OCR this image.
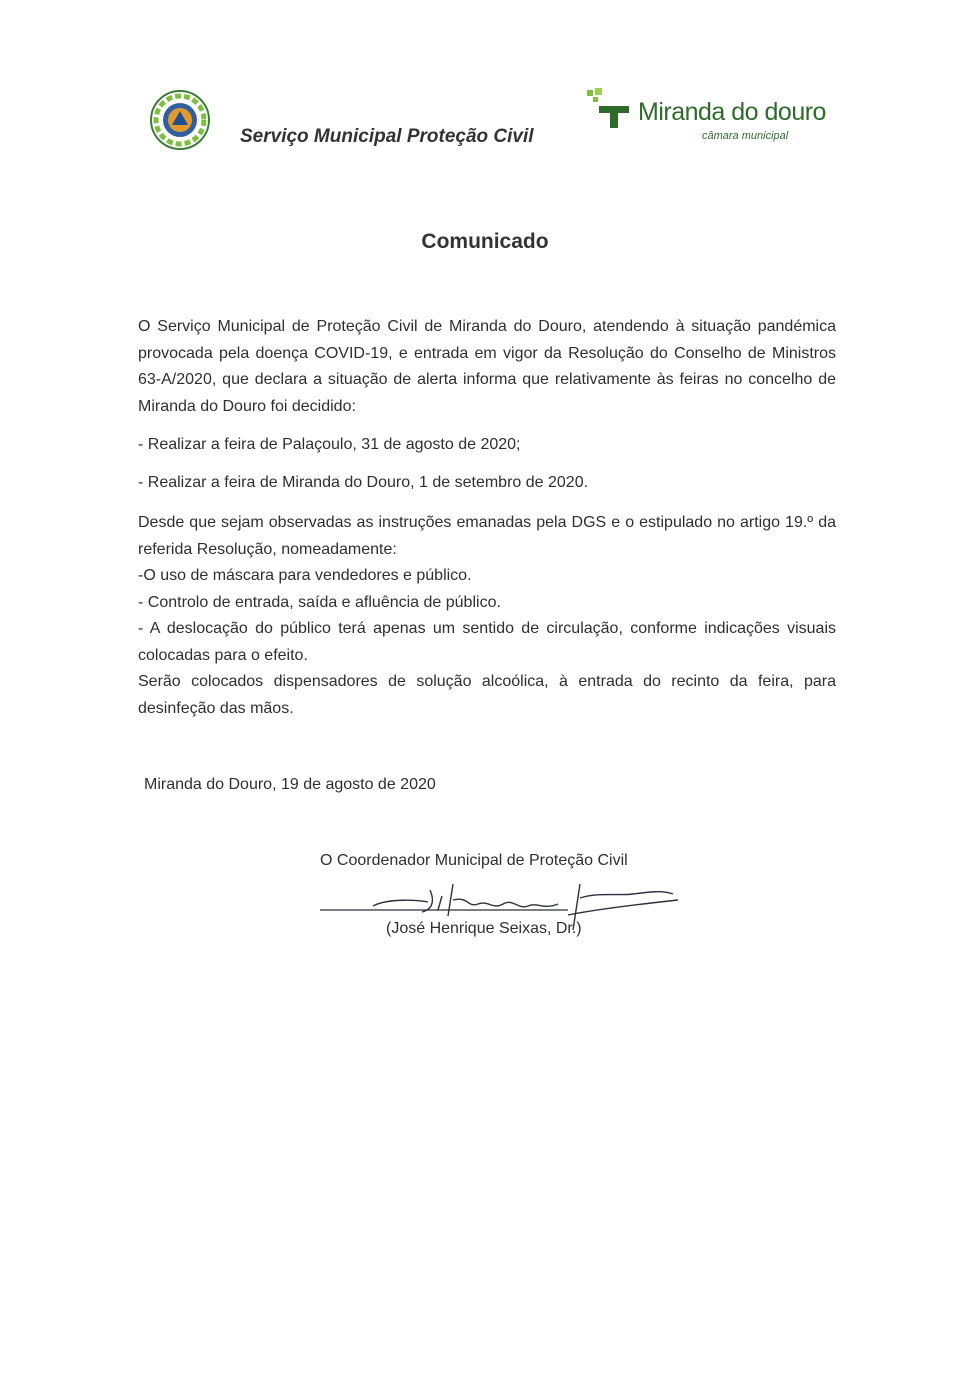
Serviço Municipal Proteção Civil
Miranda do douro
câmara municipal
Comunicado
O Serviço Municipal de Proteção Civil de Miranda do Douro, atendendo à situação pandémica provocada pela doença COVID-19, e entrada em vigor da Resolução do Conselho de Ministros 63-A/2020, que declara a situação de alerta informa que relativamente às feiras no concelho de Miranda do Douro foi decidido:
- Realizar a feira de Palaçoulo, 31 de agosto de 2020;
- Realizar a feira de Miranda do Douro, 1 de setembro de 2020.
Desde que sejam observadas as instruções emanadas pela DGS e o estipulado no artigo 19.º da referida Resolução, nomeadamente:
-O uso de máscara para vendedores e público.
- Controlo de entrada, saída e afluência de público.
- A deslocação do público terá apenas um sentido de circulação, conforme indicações visuais colocadas para o efeito.
Serão colocados dispensadores de solução alcoólica, à entrada do recinto da feira, para desinfeção das mãos.
Miranda do Douro, 19 de agosto de 2020
O Coordenador Municipal de Proteção Civil
(José Henrique Seixas, Dr.)
